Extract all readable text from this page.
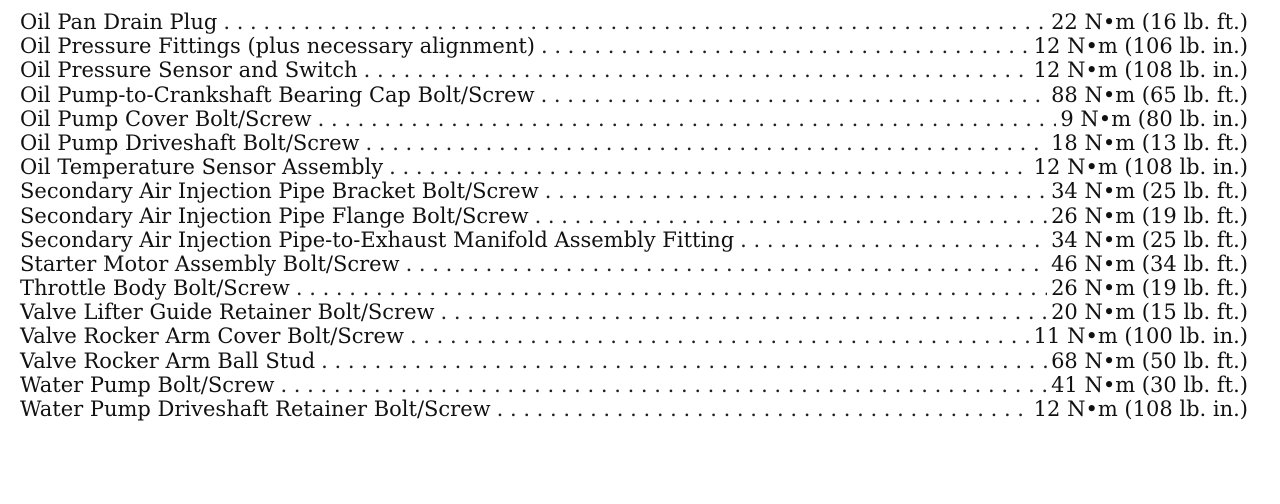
Oil Pan Drain Plug . . .	22 N•m (16 lb. ft.)
Oil Pressure Fittings (plus necessary alignment) . . .	12 N•m (106 lb. in.)
Oil Pressure Sensor and Switch . . .	12 N•m (108 lb. in.)
Oil Pump-to-Crankshaft Bearing Cap Bolt/Screw . . .	88 N•m (65 lb. ft.)
Oil Pump Cover Bolt/Screw . . .	9 N•m (80 lb. in.)
Oil Pump Driveshaft Bolt/Screw . . .	18 N•m (13 lb. ft.)
Oil Temperature Sensor Assembly . . .	12 N•m (108 lb. in.)
Secondary Air Injection Pipe Bracket Bolt/Screw . . .	34 N•m (25 lb. ft.)
Secondary Air Injection Pipe Flange Bolt/Screw . . .	26 N•m (19 lb. ft.)
Secondary Air Injection Pipe-to-Exhaust Manifold Assembly Fitting . . .	34 N•m (25 lb. ft.)
Starter Motor Assembly Bolt/Screw . . .	46 N•m (34 lb. ft.)
Throttle Body Bolt/Screw . . .	26 N•m (19 lb. ft.)
Valve Lifter Guide Retainer Bolt/Screw . . .	20 N•m (15 lb. ft.)
Valve Rocker Arm Cover Bolt/Screw . . .	11 N•m (100 lb. in.)
Valve Rocker Arm Ball Stud . . .	68 N•m (50 lb. ft.)
Water Pump Bolt/Screw . . .	41 N•m (30 lb. ft.)
Water Pump Driveshaft Retainer Bolt/Screw . . .	12 N•m (108 lb. in.)
